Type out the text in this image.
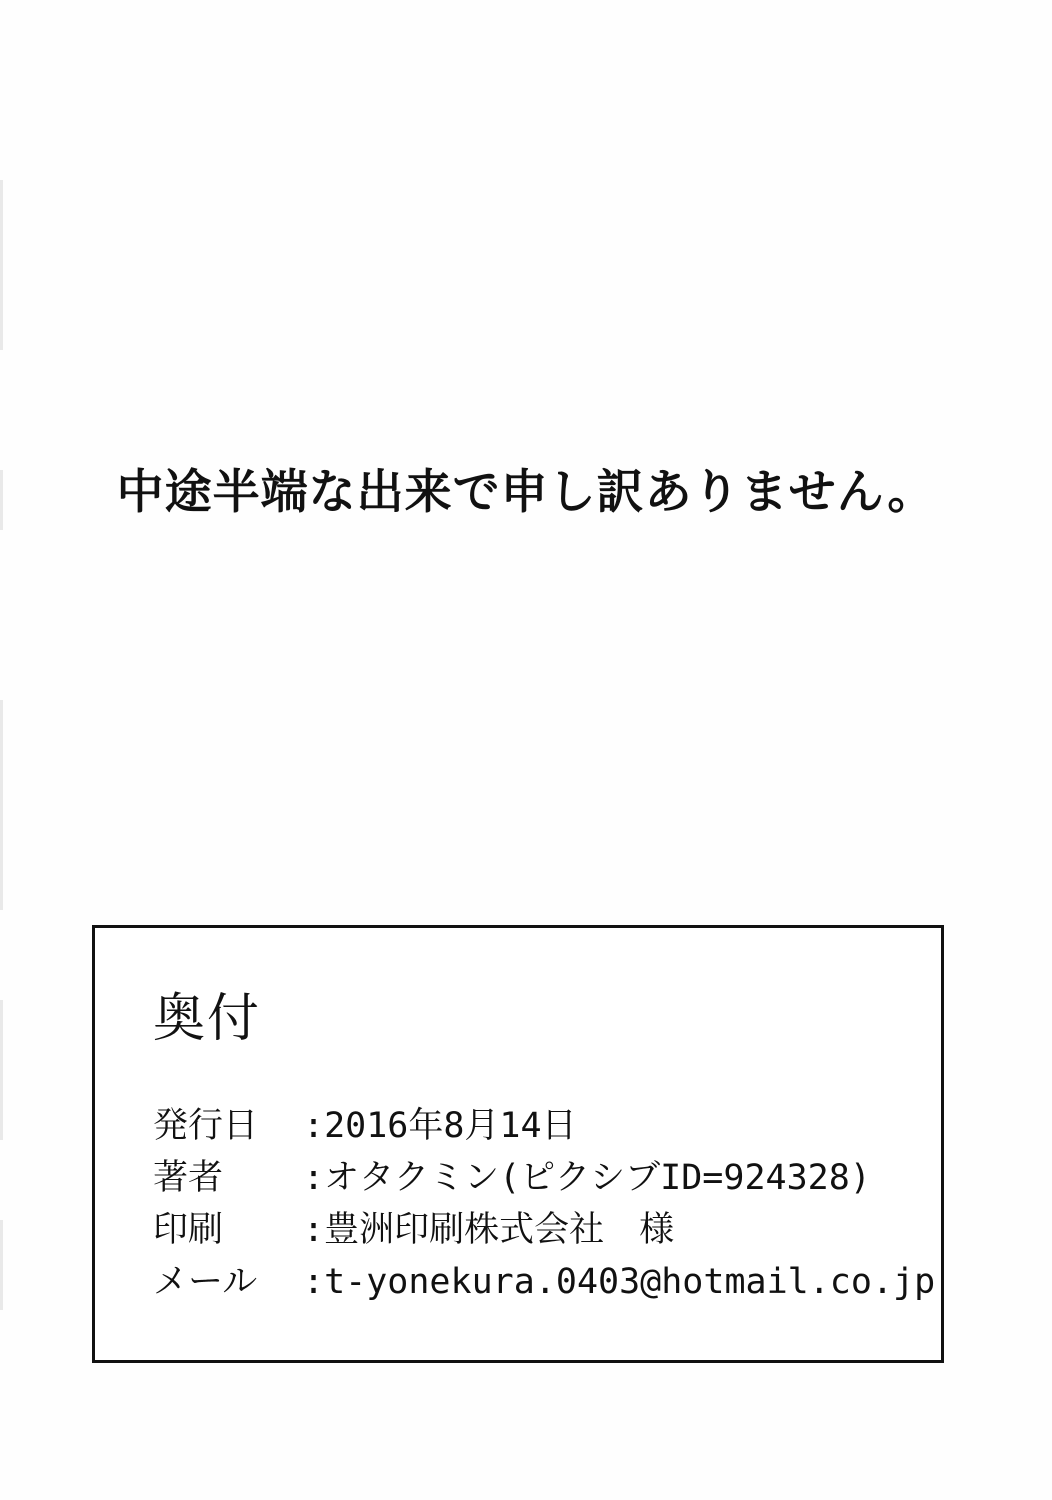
中途半端な出来で申し訳ありません。
奥付
発行日 :2016年8月14日
著者 :オタクミン(ピクシブID=924328)
印刷 :豊洲印刷株式会社　様
メール :t-yonekura.0403@hotmail.co.jp
